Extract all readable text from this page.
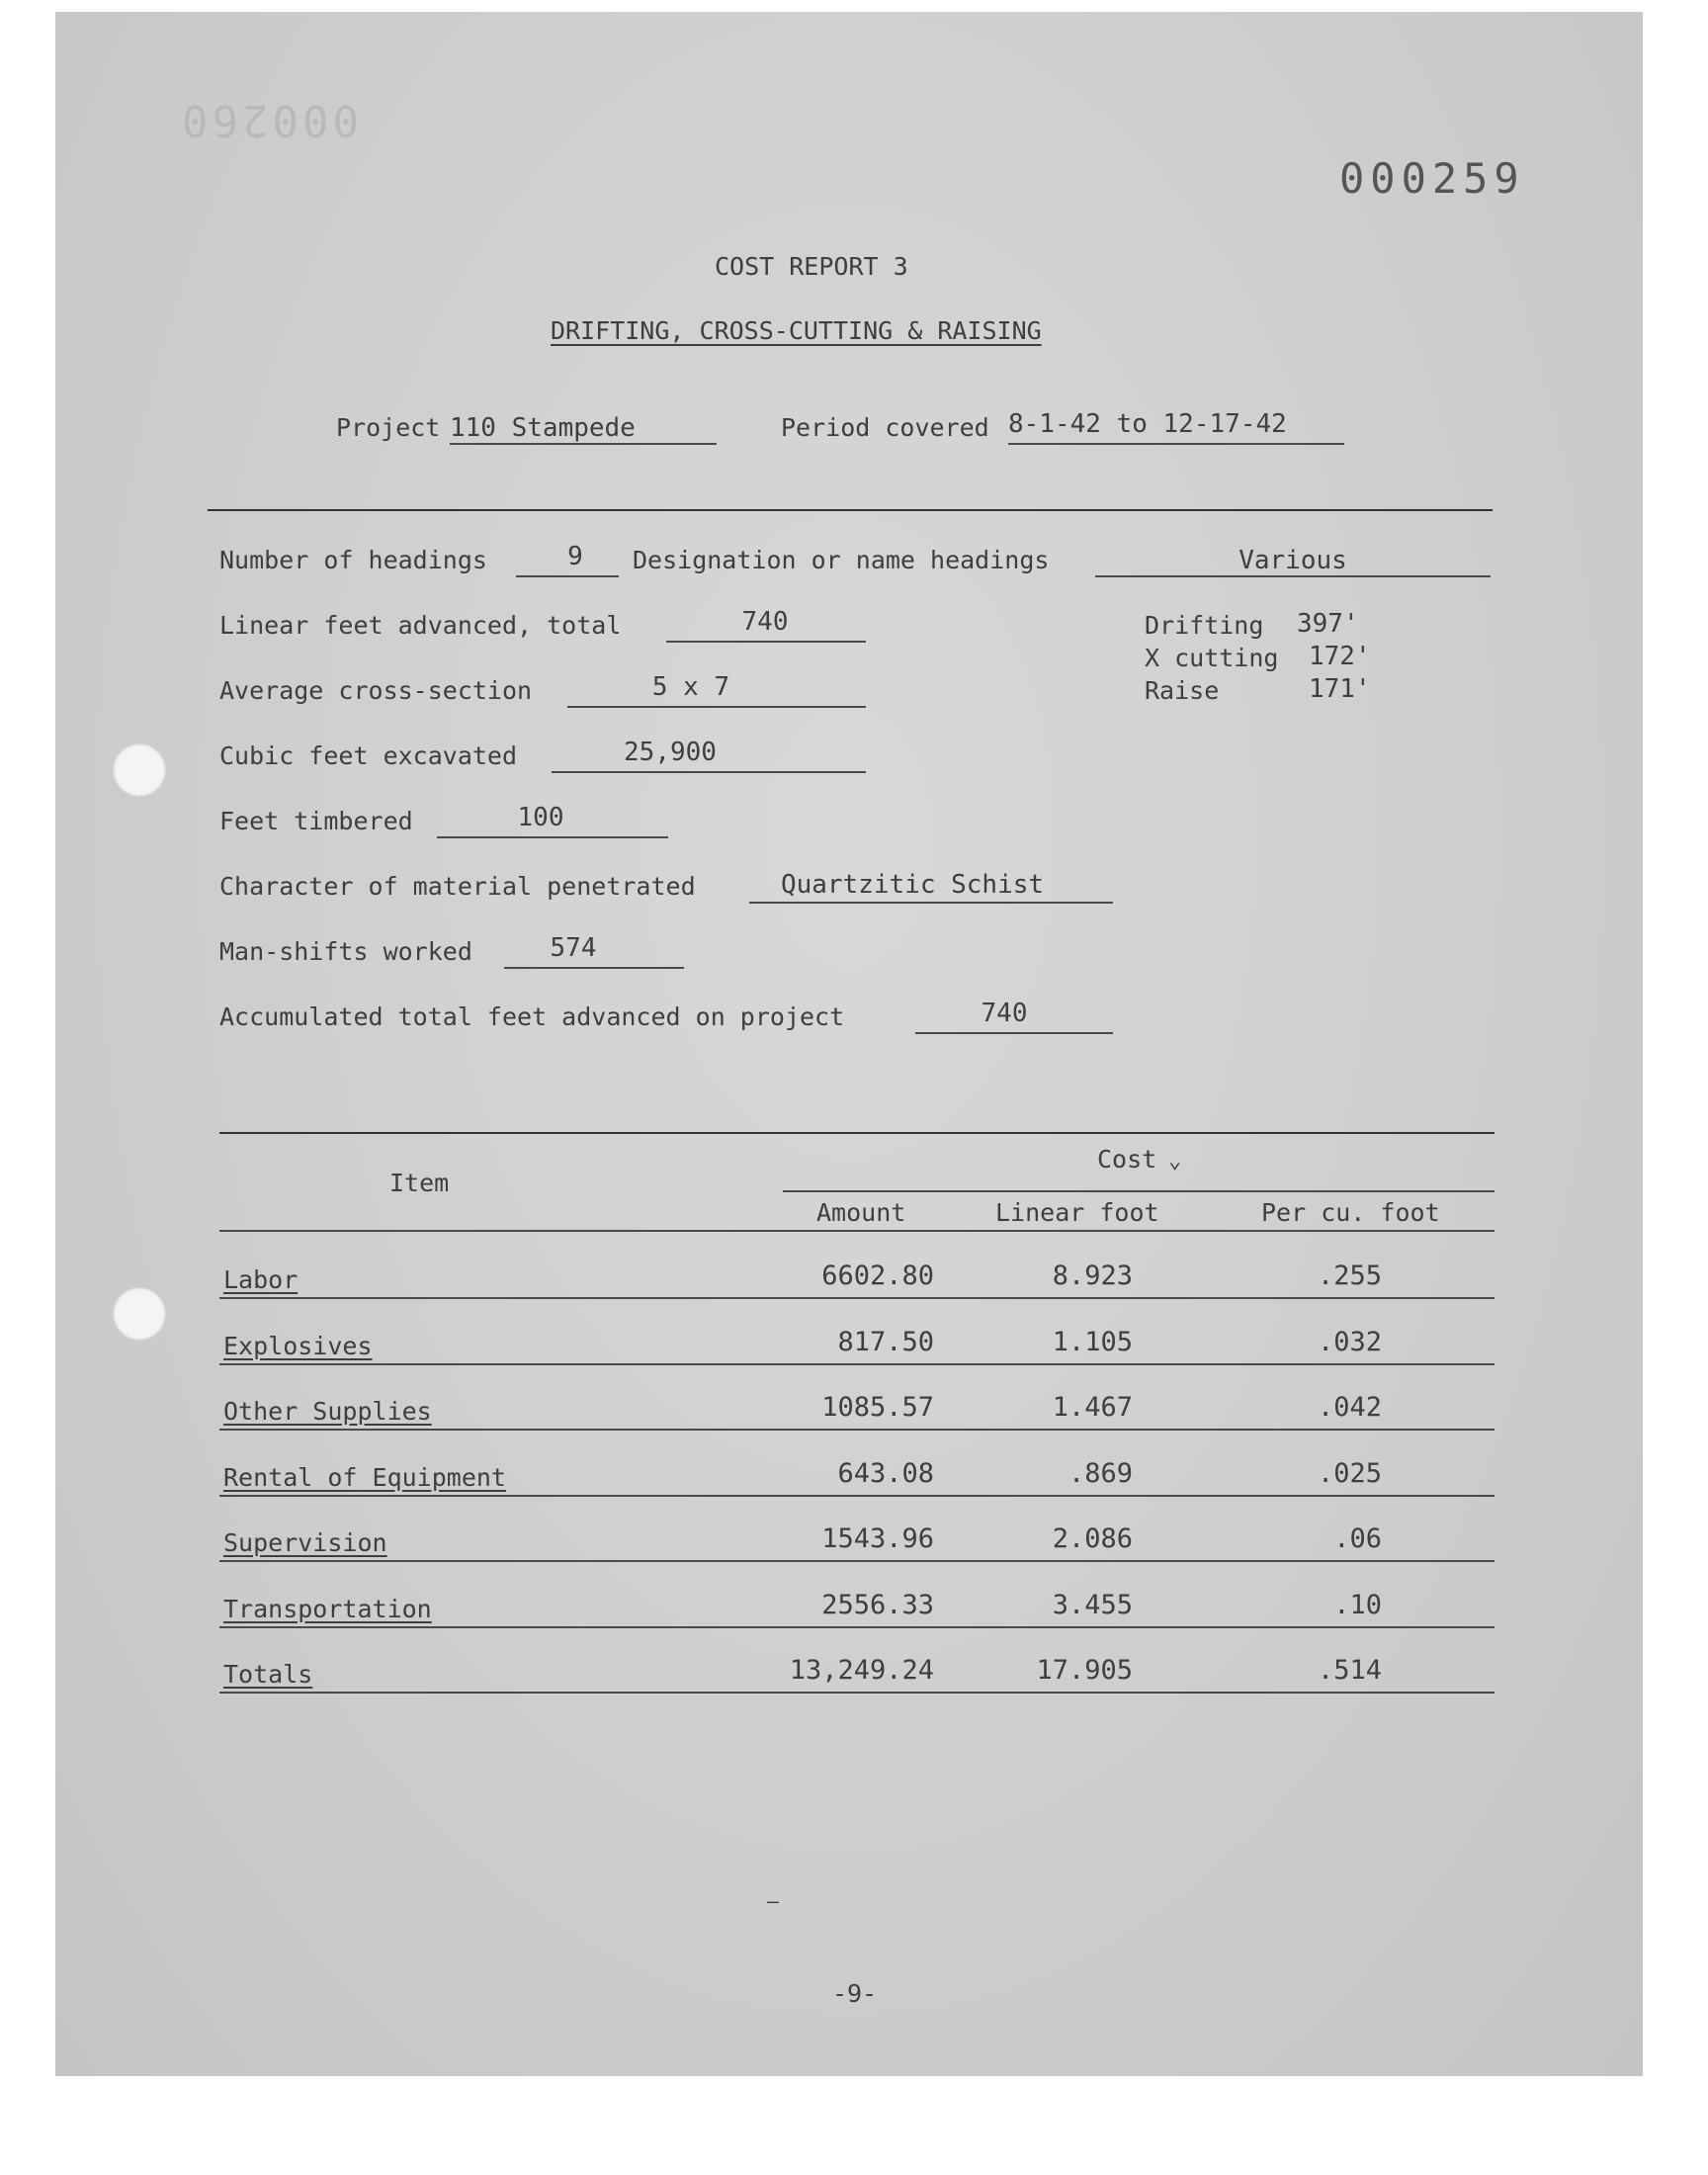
000260
000259
COST REPORT 3
DRIFTING, CROSS-CUTTING & RAISING
Project 110 Stampede	Period covered 8-1-42 to 12-17-42
Number of headings	9	Designation or name headings	Various
Linear feet advanced, total	740
Average cross-section	5 x 7
Cubic feet excavated	25,900
Feet timbered	100
Character of material penetrated	Quartzitic Schist
Man-shifts worked	574
Accumulated total feet advanced on project	740
Drifting 397'
X cutting 172'
Raise	171'
Cost ⌄
Item
Amount	Linear foot	Per cu. foot
Labor	6602.80	8.923	.255
Explosives	817.50	1.105	.032
Other Supplies	1085.57	1.467	.042
Rental of Equipment	643.08	.869	.025
Supervision	1543.96	2.086	.06
Transportation	2556.33	3.455	.10
Totals	13,249.24	17.905	.514
–
-9-
